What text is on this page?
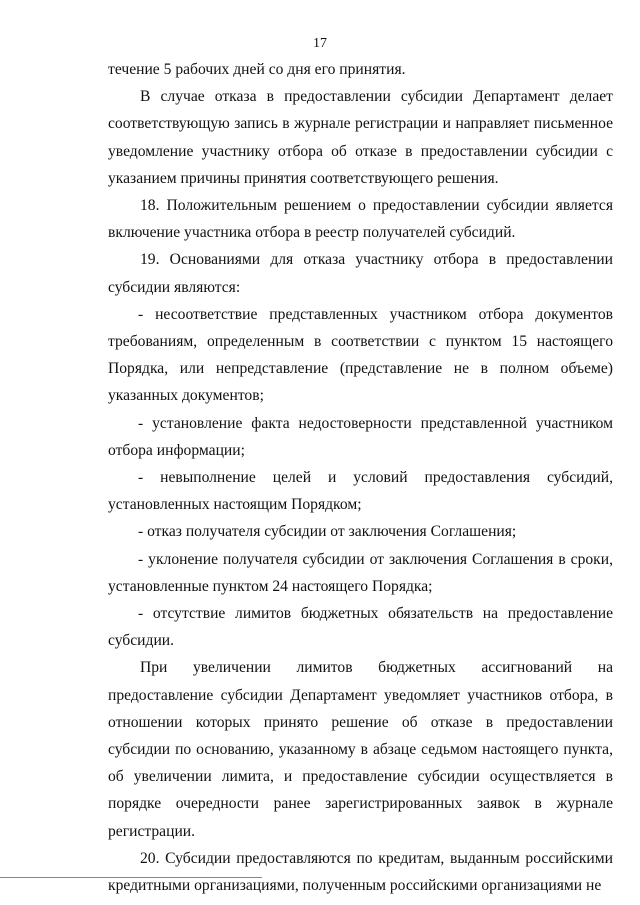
17

течение 5 рабочих дней со дня его принятия.

В случае отказа в предоставлении субсидии Департамент делает соответствующую запись в журнале регистрации и направляет письменное уведомление участнику отбора об отказе в предоставлении субсидии с указанием причины принятия соответствующего решения.

18. Положительным решением о предоставлении субсидии является включение участника отбора в реестр получателей субсидий.

19. Основаниями для отказа участнику отбора в предоставлении субсидии являются:

- несоответствие представленных участником отбора документов требованиям, определенным в соответствии с пунктом 15 настоящего Порядка, или непредставление (представление не в полном объеме) указанных документов;

- установление факта недостоверности представленной участником отбора информации;

- невыполнение целей и условий предоставления субсидий, установленных настоящим Порядком;

- отказ получателя субсидии от заключения Соглашения;

- уклонение получателя субсидии от заключения Соглашения в сроки, установленные пунктом 24 настоящего Порядка;

- отсутствие лимитов бюджетных обязательств на предоставление субсидии.

При увеличении лимитов бюджетных ассигнований на предоставление субсидии Департамент уведомляет участников отбора, в отношении которых принято решение об отказе в предоставлении субсидии по основанию, указанному в абзаце седьмом настоящего пункта, об увеличении лимита, и предоставление субсидии осуществляется в порядке очередности ранее зарегистрированных заявок в журнале регистрации.

20. Субсидии предоставляются по кредитам, выданным российскими кредитными организациями, полученным российскими организациями не
